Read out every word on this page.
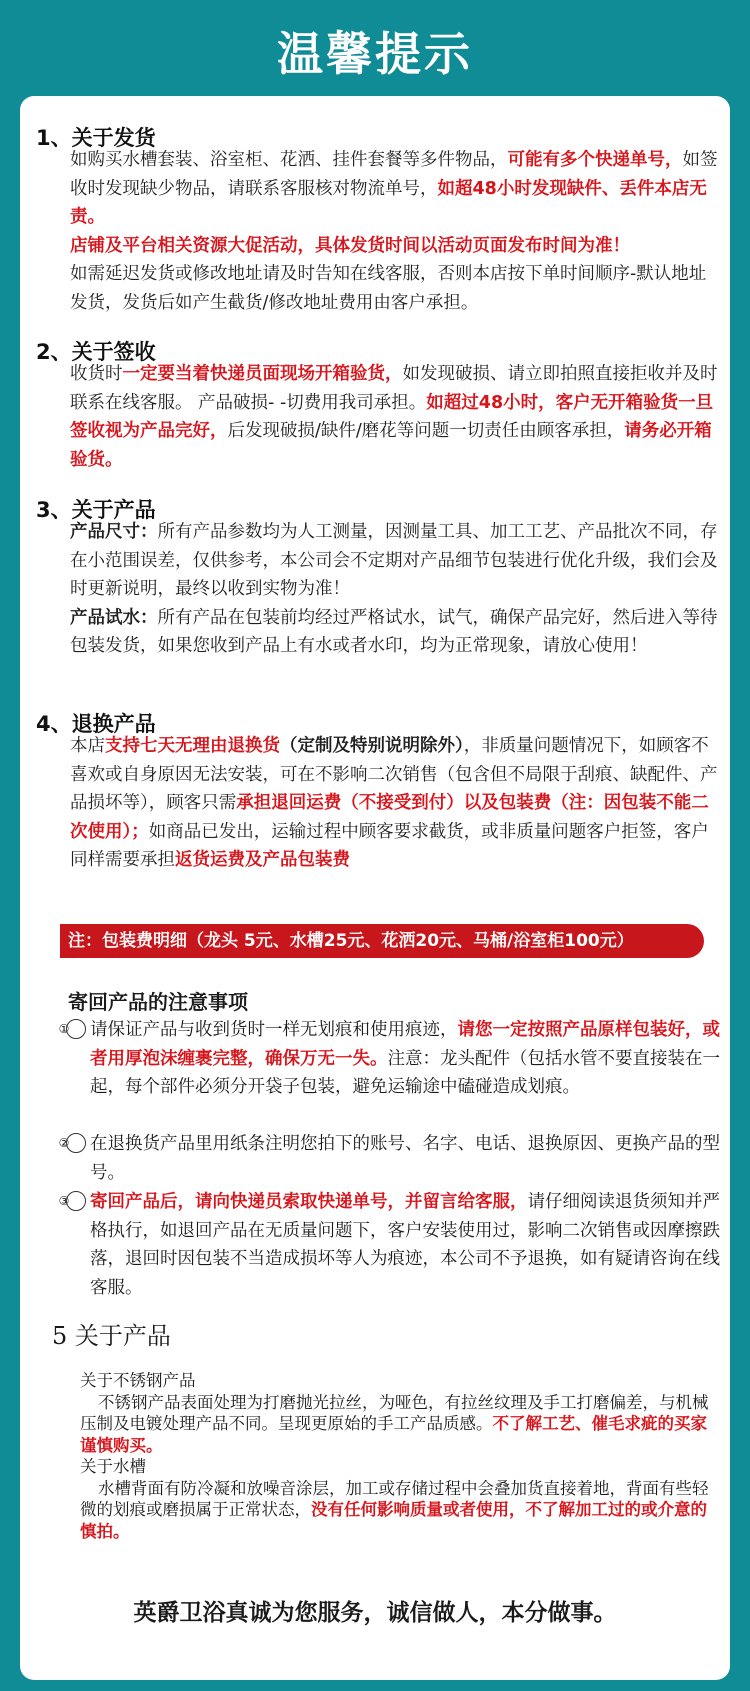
温馨提示
1、关于发货
如购买水槽套装、浴室柜、花洒、挂件套餐等多件物品，可能有多个快递单号，如签收时发现缺少物品，请联系客服核对物流单号，如超48小时发现缺件、丢件本店无责。
店铺及平台相关资源大促活动，具体发货时间以活动页面发布时间为准！
如需延迟发货或修改地址请及时告知在线客服，否则本店按下单时间顺序-默认地址发货，发货后如产生截货/修改地址费用由客户承担。
2、关于签收
收货时一定要当着快递员面现场开箱验货，如发现破损、请立即拍照直接拒收并及时联系在线客服。 产品破损- -切费用我司承担。如超过48小时，客户无开箱验货一旦签收视为产品完好，后发现破损/缺件/磨花等问题一切责任由顾客承担，请务必开箱验货。
3、关于产品
产品尺寸：所有产品参数均为人工测量，因测量工具、加工工艺、产品批次不同，存在小范围误差，仅供参考，本公司会不定期对产品细节包装进行优化升级，我们会及时更新说明，最终以收到实物为准！
产品试水：所有产品在包装前均经过严格试水，试气，确保产品完好，然后进入等待包装发货，如果您收到产品上有水或者水印，均为正常现象，请放心使用！
4、退换产品
本店支持七天无理由退换货（定制及特别说明除外），非质量问题情况下，如顾客不喜欢或自身原因无法安装，可在不影响二次销售（包含但不局限于刮痕、缺配件、产品损坏等），顾客只需承担退回运费（不接受到付）以及包装费（注：因包装不能二次使用）；如商品已发出，运输过程中顾客要求截货，或非质量问题客户拒签，客户同样需要承担返货运费及产品包装费
注：包装费明细（龙头 5元、水槽25元、花洒20元、马桶/浴室柜100元）
寄回产品的注意事项
① 请保证产品与收到货时一样无划痕和使用痕迹，请您一定按照产品原样包装好，或者用厚泡沫缠裹完整，确保万无一失。注意：龙头配件（包括水管不要直接装在一起，每个部件必须分开袋子包装，避免运输途中磕碰造成划痕。
② 在退换货产品里用纸条注明您拍下的账号、名字、电话、退换原因、更换产品的型号。
③ 寄回产品后，请向快递员索取快递单号，并留言给客服，请仔细阅读退货须知并严格执行，如退回产品在无质量问题下，客户安装使用过，影响二次销售或因摩擦跌落，退回时因包装不当造成损坏等人为痕迹，本公司不予退换，如有疑请咨询在线客服。
5 关于产品
关于不锈钢产品
不锈钢产品表面处理为打磨抛光拉丝，为哑色，有拉丝纹理及手工打磨偏差，与机械压制及电镀处理产品不同。呈现更原始的手工产品质感。不了解工艺、催毛求疵的买家谨慎购买。
关于水槽
水槽背面有防冷凝和放噪音涂层，加工或存储过程中会叠加货直接着地，背面有些轻微的划痕或磨损属于正常状态，没有任何影响质量或者使用，不了解加工过的或介意的慎拍。
英爵卫浴真诚为您服务，诚信做人，本分做事。
